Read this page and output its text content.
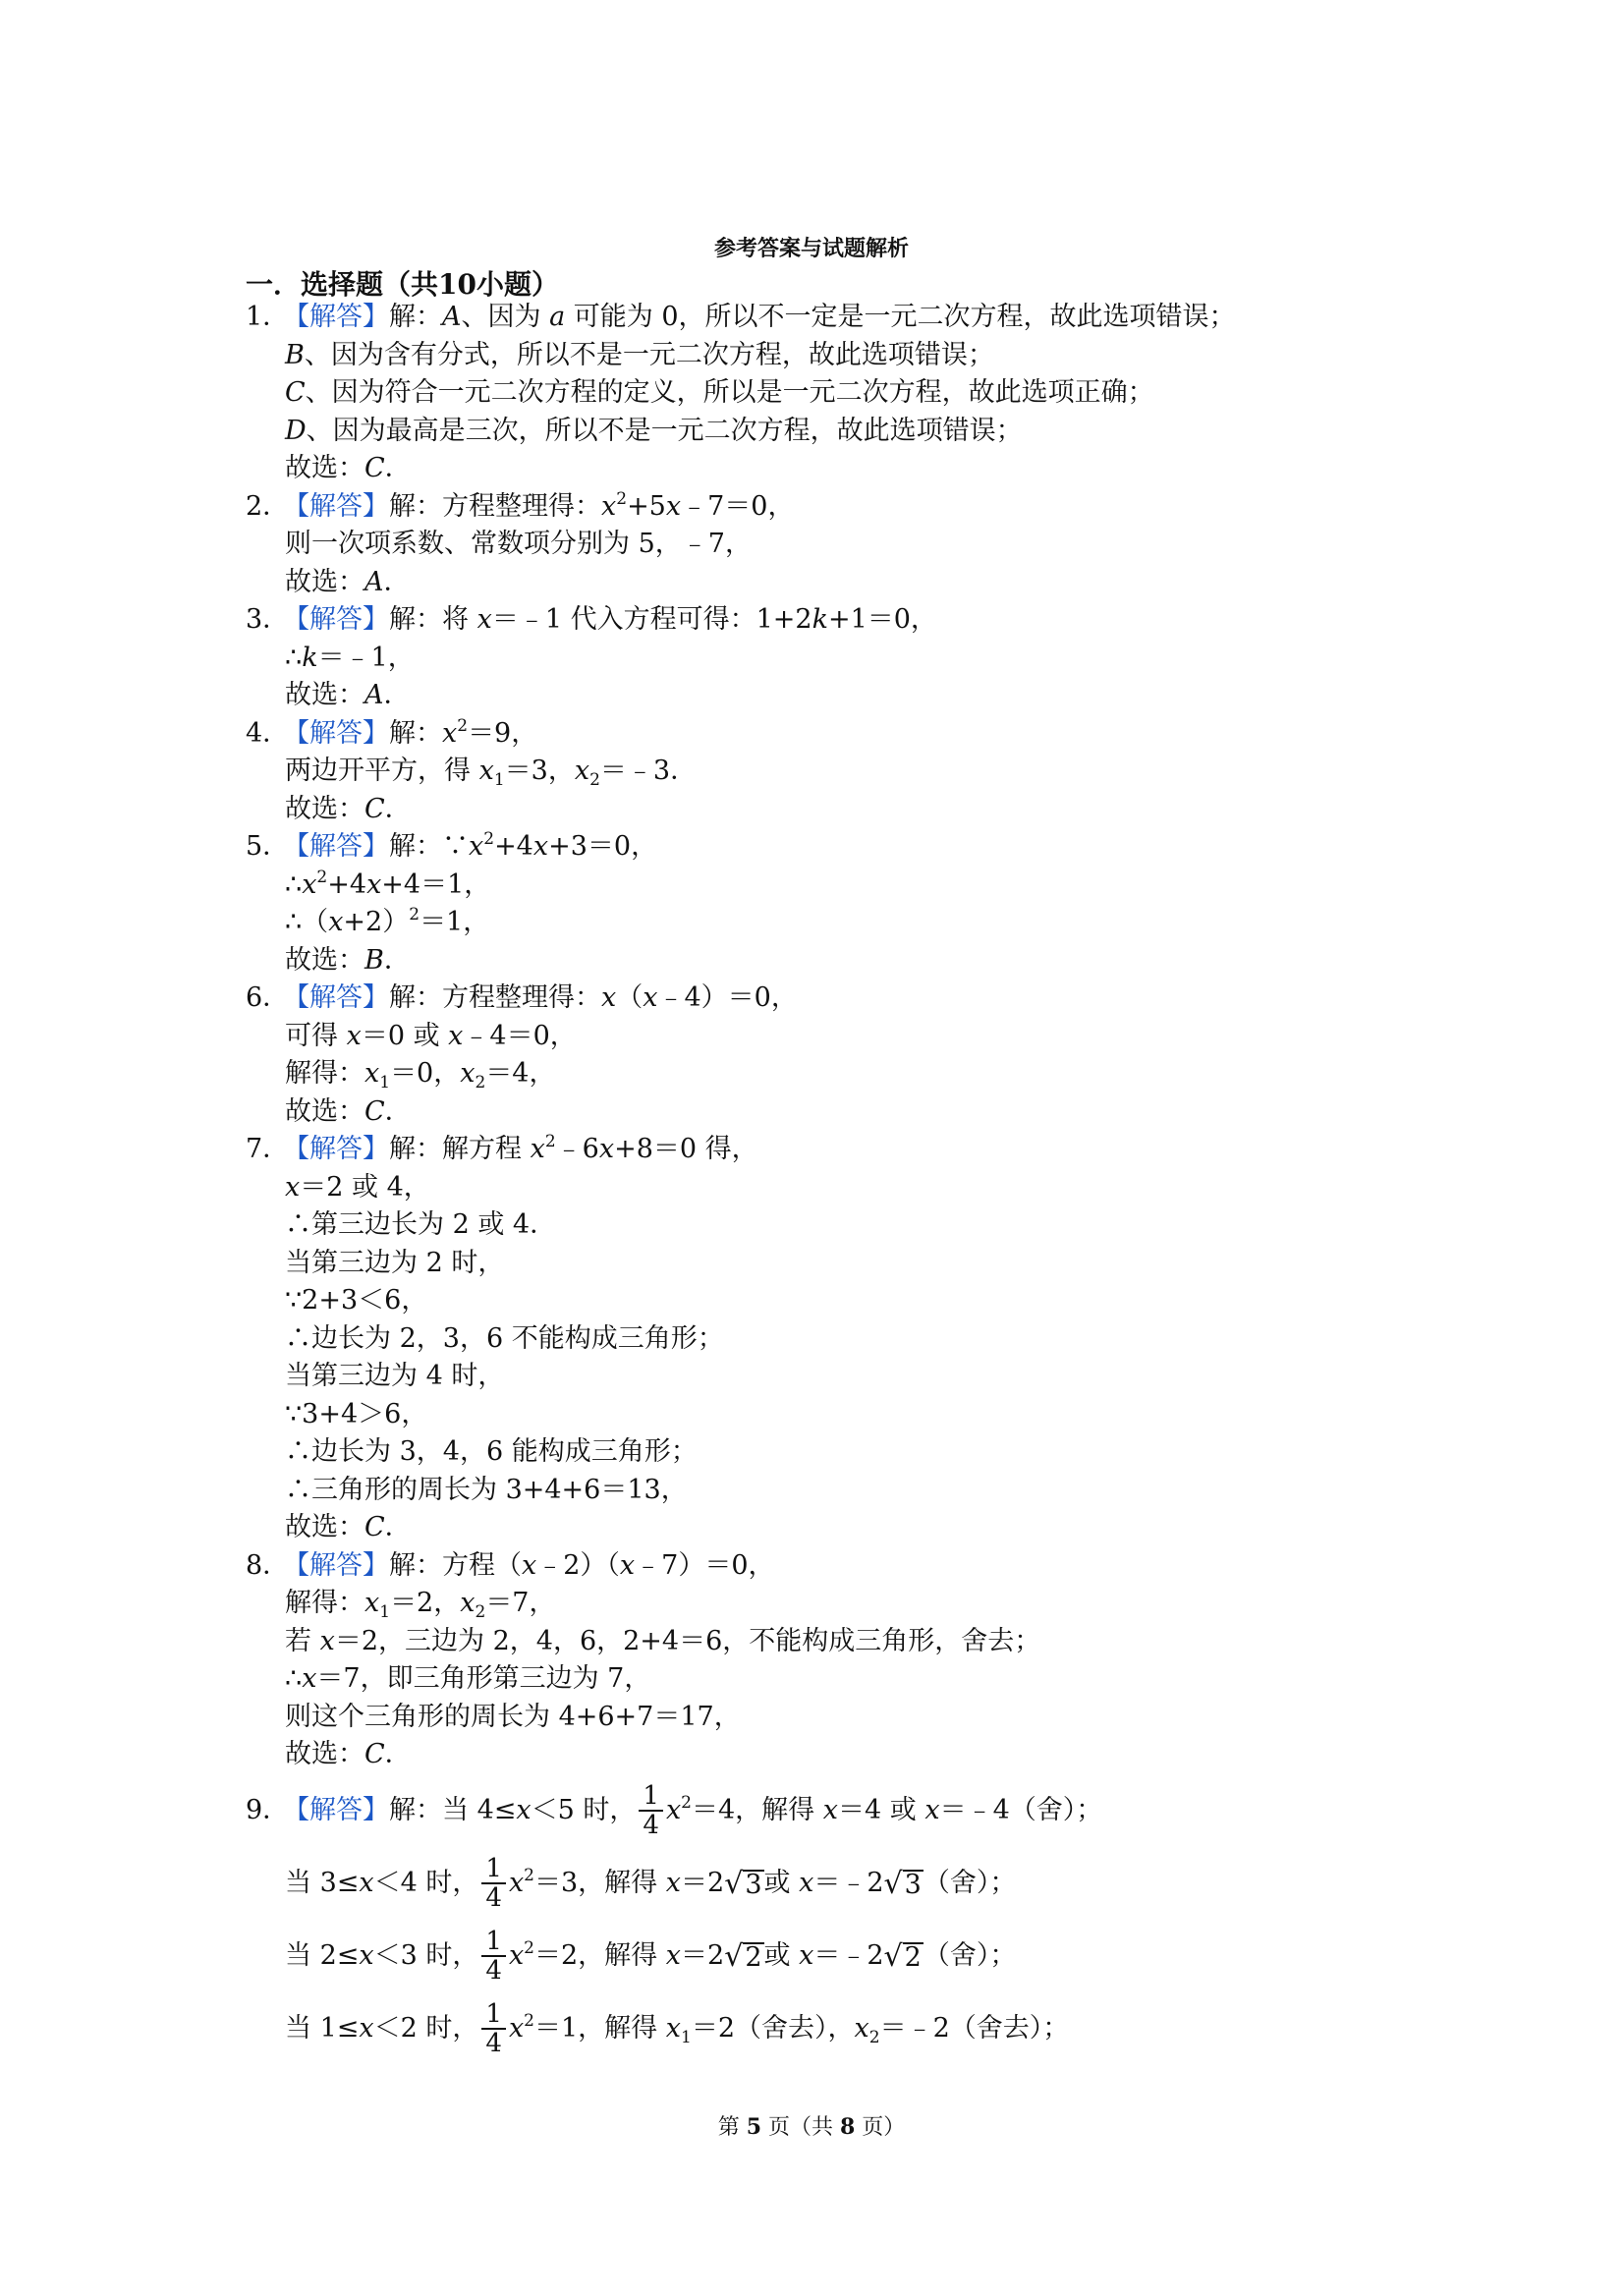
参考答案与试题解析
一．选择题（共10小题）
1．【解答】解：A、因为 a 可能为 0，所以不一定是一元二次方程，故此选项错误；
B、因为含有分式，所以不是一元二次方程，故此选项错误；
C、因为符合一元二次方程的定义，所以是一元二次方程，故此选项正确；
D、因为最高是三次，所以不是一元二次方程，故此选项错误；
故选：C．
2．【解答】解：方程整理得：$x^2+5x﹣7=0$，
则一次项系数、常数项分别为 5，﹣7，
故选：A．
3．【解答】解：将 x＝﹣1 代入方程可得：1+2k+1＝0，
∴k＝﹣1，
故选：A．
4．【解答】解：$x^2=9$，
两边开平方，得 $x_1=3$，$x_2=﹣3$．
故选：C．
5．【解答】解：$\because x^2+4x+3=0$，
$\therefore x^2+4x+4=1$，
$\therefore(x+2)^2=1$，
故选：B．
6．【解答】解：方程整理得：x（x﹣4）＝0，
可得 x＝0 或 x﹣4＝0，
解得：$x_1=0$，$x_2=4$，
故选：C．
7．【解答】解：解方程 $x^2﹣6x+8=0$ 得，
x＝2 或 4，
∴第三边长为 2 或 4．
当第三边为 2 时，
∵2+3＜6，
∴边长为 2，3，6 不能构成三角形；
当第三边为 4 时，
∵3+4＞6，
∴边长为 3，4，6 能构成三角形；
∴三角形的周长为 3+4+6＝13，
故选：C．
8．【解答】解：方程（x﹣2）（x﹣7）＝0，
解得：$x_1=2$，$x_2=7$，
若 x＝2，三边为 2，4，6，2+4＝6，不能构成三角形，舍去；
∴x＝7，即三角形第三边为 7，
则这个三角形的周长为 4+6+7＝17，
故选：C．
9．【解答】解：当 4≤x＜5 时， $\frac{1}{4} x^2=4$，解得 x＝4 或 x＝﹣4（舍）；
当 3≤x＜4 时， $\frac{1}{4} x^2=3$，解得 x＝2 √ 3 或 x＝﹣2 √ 3 （舍）；
当 2≤x＜3 时， $\frac{1}{4} x^2=2$，解得 x＝2 √ 2 或 x＝﹣2 √ 2 （舍）；
当 1≤x＜2 时， $\frac{1}{4} x^2=1$，解得 $x_1=2$（舍去），$x_2=﹣2$（舍去）；
第 5 页（共 8 页）
